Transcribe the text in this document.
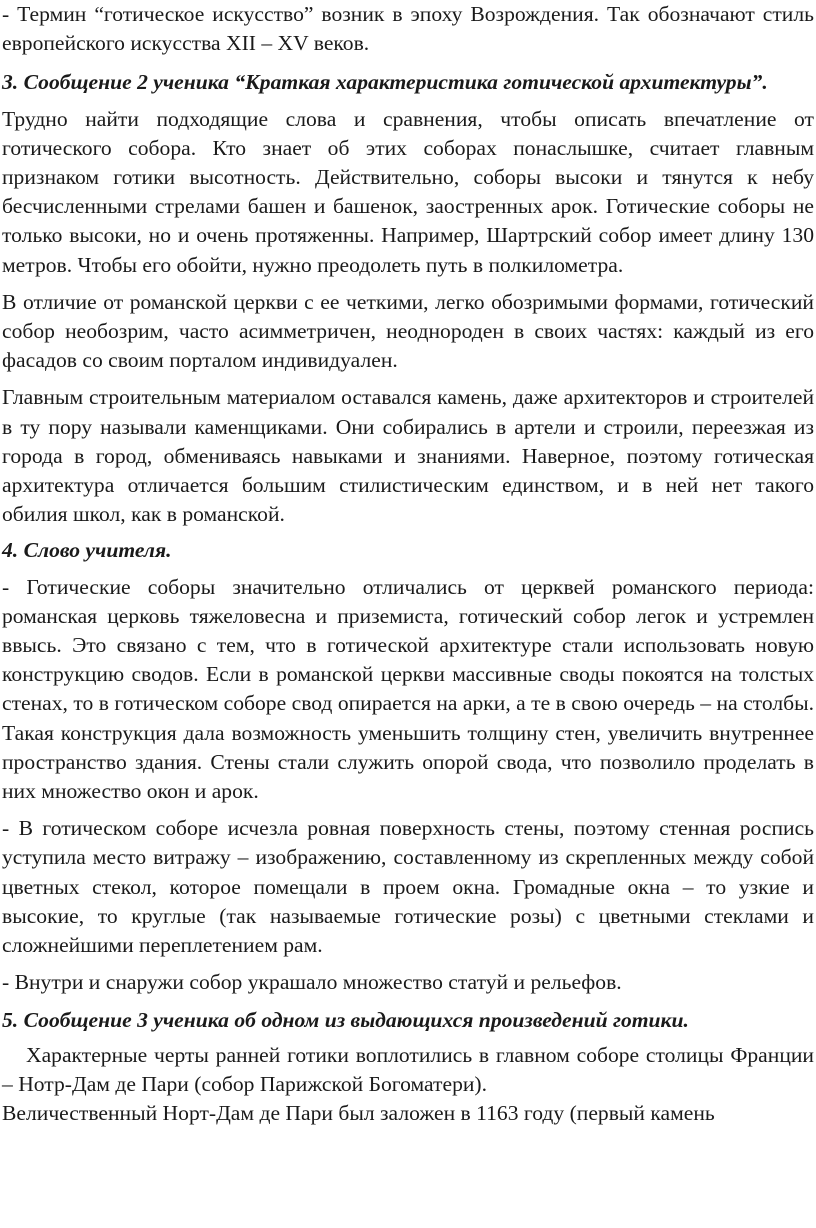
- Термин “готическое искусство” возник в эпоху Возрождения. Так обозначают стиль европейского искусства XII – XV веков.

3. Сообщение 2 ученика “Краткая характеристика готической архитектуры”.

Трудно найти подходящие слова и сравнения, чтобы описать впечатление от готического собора. Кто знает об этих соборах понаслышке, считает главным признаком готики высотность. Действительно, соборы высоки и тянутся к небу бесчисленными стрелами башен и башенок, заостренных арок. Готические соборы не только высоки, но и очень протяженны. Например, Шартрский собор имеет длину 130 метров. Чтобы его обойти, нужно преодолеть путь в полкилометра.

В отличие от романской церкви с ее четкими, легко обозримыми формами, готический собор необозрим, часто асимметричен, неоднороден в своих частях: каждый из его фасадов со своим порталом индивидуален.

Главным строительным материалом оставался камень, даже архитекторов и строителей в ту пору называли каменщиками. Они собирались в артели и строили, переезжая из города в город, обмениваясь навыками и знаниями. Наверное, поэтому готическая архитектура отличается большим стилистическим единством, и в ней нет такого обилия школ, как в романской.

4. Слово учителя.

- Готические соборы значительно отличались от церквей романского периода: романская церковь тяжеловесна и приземиста, готический собор легок и устремлен ввысь. Это связано с тем, что в готической архитектуре стали использовать новую конструкцию сводов. Если в романской церкви массивные своды покоятся на толстых стенах, то в готическом соборе свод опирается на арки, а те в свою очередь – на столбы. Такая конструкция дала возможность уменьшить толщину стен, увеличить внутреннее пространство здания. Стены стали служить опорой свода, что позволило проделать в них множество окон и арок.

- В готическом соборе исчезла ровная поверхность стены, поэтому стенная роспись уступила место витражу – изображению, составленному из скрепленных между собой цветных стекол, которое помещали в проем окна. Громадные окна – то узкие и высокие, то круглые (так называемые готические розы) с цветными стеклами и сложнейшими переплетением рам.

- Внутри и снаружи собор украшало множество статуй и рельефов.

5. Сообщение 3 ученика об одном из выдающихся произведений готики.

Характерные черты ранней готики воплотились в главном соборе столицы Франции – Нотр-Дам де Пари (собор Парижской Богоматери).

Величественный Норт-Дам де Пари был заложен в 1163 году (первый камень
